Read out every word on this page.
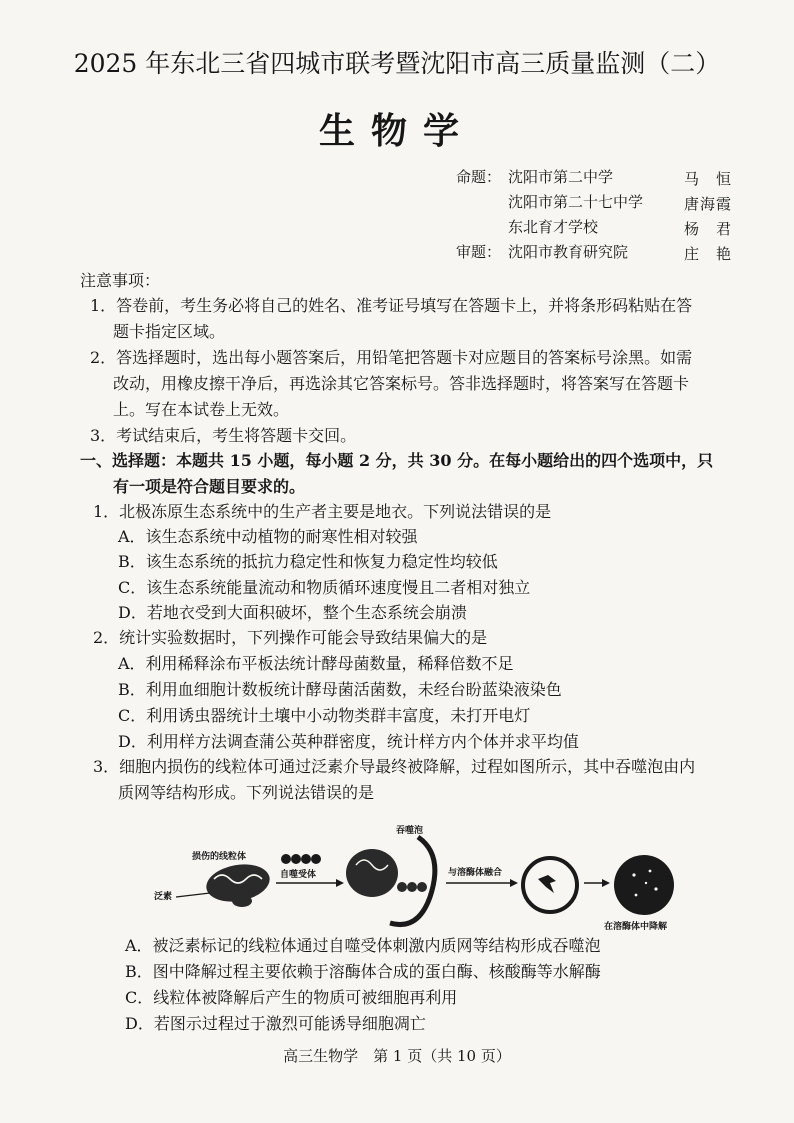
2025 年东北三省四城市联考暨沈阳市高三质量监测（二）
生物学
命题： 沈阳市第二中学	马　恒
沈阳市第二十七中学	唐海霞
东北育才学校	杨　君
审题： 沈阳市教育研究院	庄　艳
注意事项：
1．答卷前，考生务必将自己的姓名、准考证号填写在答题卡上，并将条形码粘贴在答
题卡指定区域。
2．答选择题时，选出每小题答案后，用铅笔把答题卡对应题目的答案标号涂黑。如需
改动，用橡皮擦干净后，再选涂其它答案标号。答非选择题时，将答案写在答题卡
上。写在本试卷上无效。
3．考试结束后，考生将答题卡交回。
一、选择题：本题共 15 小题，每小题 2 分，共 30 分。在每小题给出的四个选项中，只
有一项是符合题目要求的。
1．北极冻原生态系统中的生产者主要是地衣。下列说法错误的是
A．该生态系统中动植物的耐寒性相对较强
B．该生态系统的抵抗力稳定性和恢复力稳定性均较低
C．该生态系统能量流动和物质循环速度慢且二者相对独立
D．若地衣受到大面积破坏，整个生态系统会崩溃
2．统计实验数据时，下列操作可能会导致结果偏大的是
A．利用稀释涂布平板法统计酵母菌数量，稀释倍数不足
B．利用血细胞计数板统计酵母菌活菌数，未经台盼蓝染液染色
C．利用诱虫器统计土壤中小动物类群丰富度，未打开电灯
D．利用样方法调查蒲公英种群密度，统计样方内个体并求平均值
3．细胞内损伤的线粒体可通过泛素介导最终被降解，过程如图所示，其中吞噬泡由内
质网等结构形成。下列说法错误的是
损伤的线粒体
泛素
自噬受体
吞噬泡
与溶酶体融合
在溶酶体中降解
A．被泛素标记的线粒体通过自噬受体刺激内质网等结构形成吞噬泡
B．图中降解过程主要依赖于溶酶体合成的蛋白酶、核酸酶等水解酶
C．线粒体被降解后产生的物质可被细胞再利用
D．若图示过程过于激烈可能诱导细胞凋亡
高三生物学　第 1 页（共 10 页）
